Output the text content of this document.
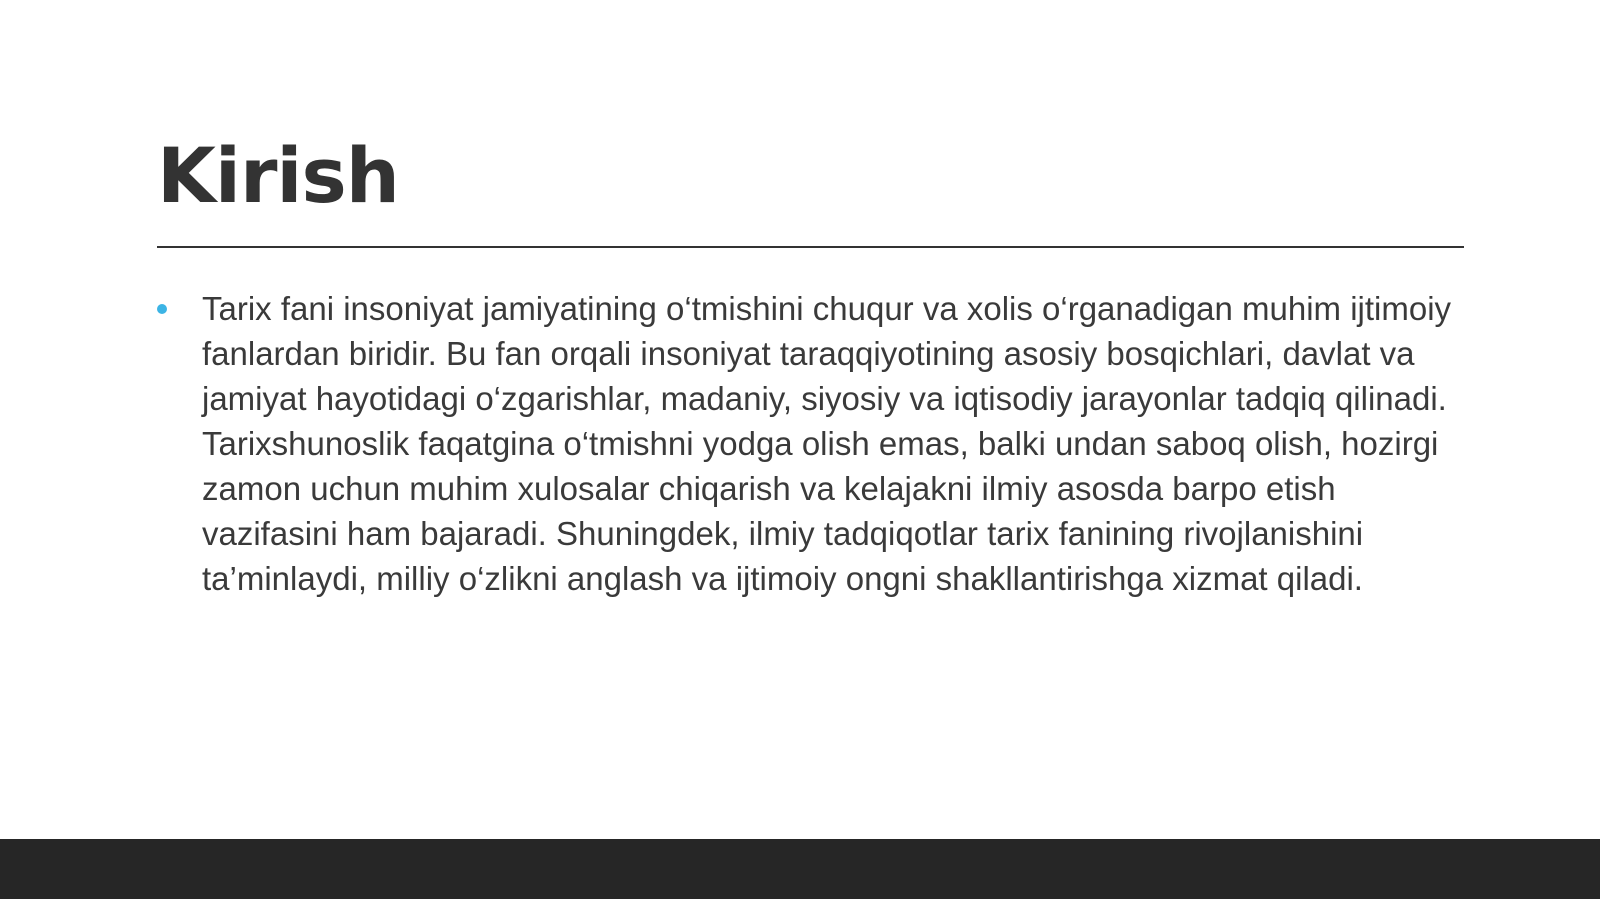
Kirish
Tarix fani insoniyat jamiyatining o‘tmishini chuqur va xolis o‘rganadigan muhim ijtimoiy fanlardan biridir. Bu fan orqali insoniyat taraqqiyotining asosiy bosqichlari, davlat va jamiyat hayotidagi o‘zgarishlar, madaniy, siyosiy va iqtisodiy jarayonlar tadqiq qilinadi. Tarixshunoslik faqatgina o‘tmishni yodga olish emas, balki undan saboq olish, hozirgi zamon uchun muhim xulosalar chiqarish va kelajakni ilmiy asosda barpo etish vazifasini ham bajaradi. Shuningdek, ilmiy tadqiqotlar tarix fanining rivojlanishini ta’minlaydi, milliy o‘zlikni anglash va ijtimoiy ongni shakllantirishga xizmat qiladi.
